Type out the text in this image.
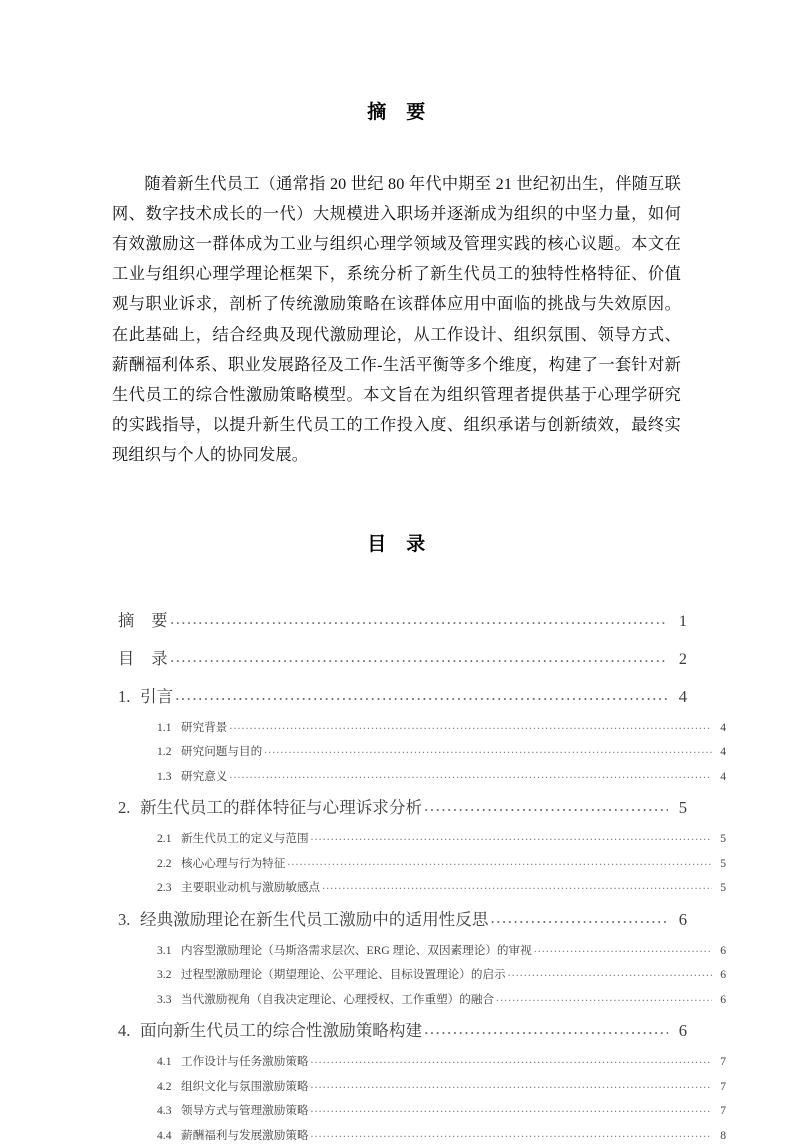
摘　要
随着新生代员工（通常指 20 世纪 80 年代中期至 21 世纪初出生，伴随互联网、数字技术成长的一代）大规模进入职场并逐渐成为组织的中坚力量，如何有效激励这一群体成为工业与组织心理学领域及管理实践的核心议题。本文在工业与组织心理学理论框架下，系统分析了新生代员工的独特性格特征、价值观与职业诉求，剖析了传统激励策略在该群体应用中面临的挑战与失效原因。在此基础上，结合经典及现代激励理论，从工作设计、组织氛围、领导方式、薪酬福利体系、职业发展路径及工作-生活平衡等多个维度，构建了一套针对新生代员工的综合性激励策略模型。本文旨在为组织管理者提供基于心理学研究的实践指导，以提升新生代员工的工作投入度、组织承诺与创新绩效，最终实现组织与个人的协同发展。
目　录
摘　要 .....	1
目　录 .....	2
1. 引言 .....	4
1.1 研究背景 .....	4
1.2 研究问题与目的 .....	4
1.3 研究意义 .....	4
2. 新生代员工的群体特征与心理诉求分析 .....	5
2.1 新生代员工的定义与范围 .....	5
2.2 核心心理与行为特征 .....	5
2.3 主要职业动机与激励敏感点 .....	5
3. 经典激励理论在新生代员工激励中的适用性反思 .....	6
3.1 内容型激励理论（马斯洛需求层次、ERG 理论、双因素理论）的审视 .....	6
3.2 过程型激励理论（期望理论、公平理论、目标设置理论）的启示 .....	6
3.3 当代激励视角（自我决定理论、心理授权、工作重塑）的融合 .....	6
4. 面向新生代员工的综合性激励策略构建 .....	6
4.1 工作设计与任务激励策略 .....	7
4.2 组织文化与氛围激励策略 .....	7
4.3 领导方式与管理激励策略 .....	7
4.4 薪酬福利与发展激励策略 .....	8
